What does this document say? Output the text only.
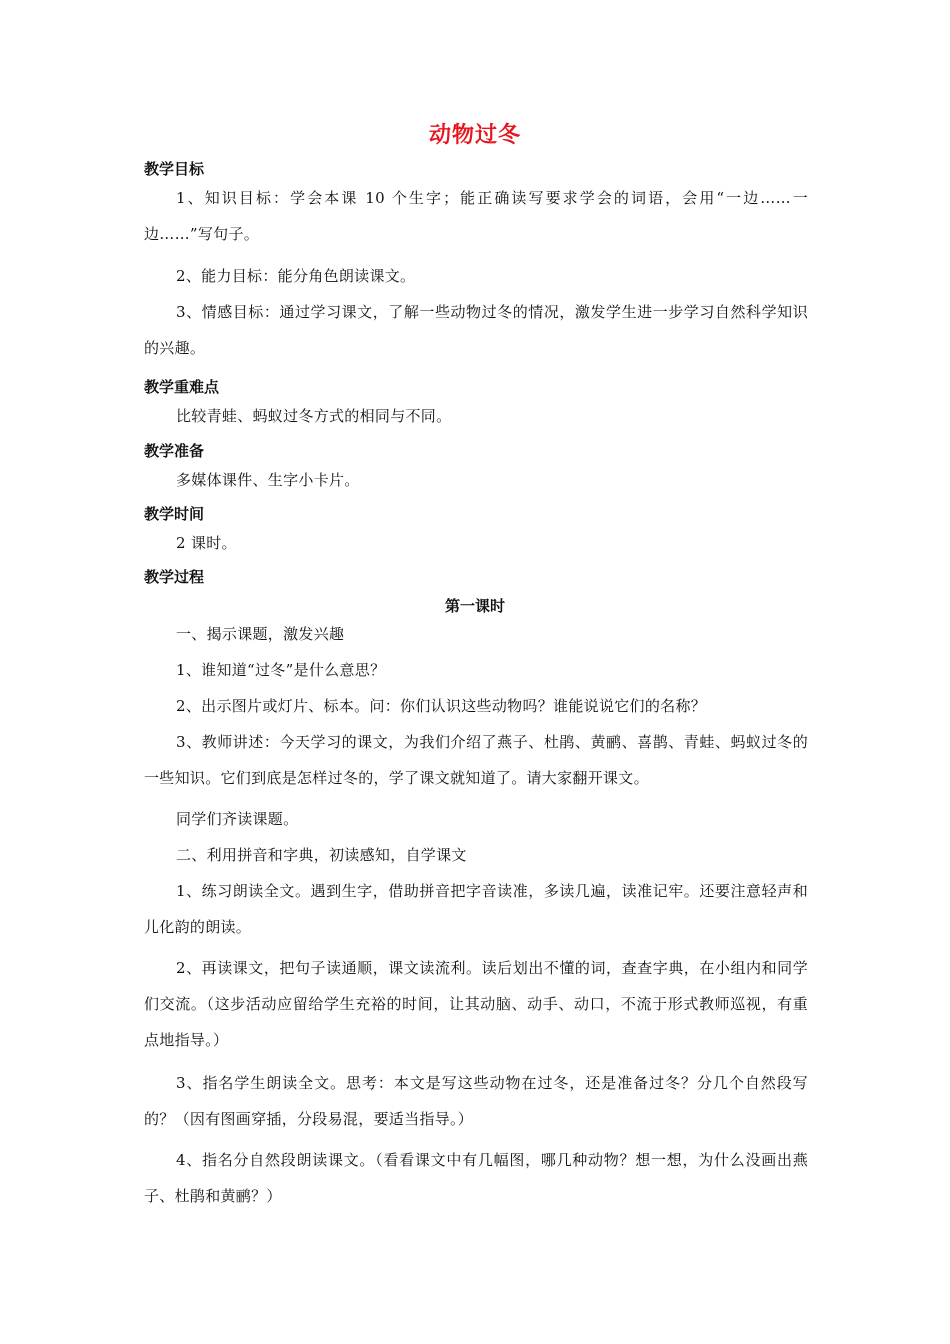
动物过冬
教学目标
1、知识目标：学会本课 10 个生字；能正确读写要求学会的词语，会用“一边……一边……”写句子。
2、能力目标：能分角色朗读课文。
3、情感目标：通过学习课文，了解一些动物过冬的情况，激发学生进一步学习自然科学知识的兴趣。
教学重难点
比较青蛙、蚂蚁过冬方式的相同与不同。
教学准备
多媒体课件、生字小卡片。
教学时间
2 课时。
教学过程
第一课时
一、揭示课题，激发兴趣
1、谁知道“过冬”是什么意思？
2、出示图片或灯片、标本。问：你们认识这些动物吗？谁能说说它们的名称？
3、教师讲述：今天学习的课文，为我们介绍了燕子、杜鹃、黄鹂、喜鹊、青蛙、蚂蚁过冬的一些知识。它们到底是怎样过冬的，学了课文就知道了。请大家翻开课文。
同学们齐读课题。
二、利用拼音和字典，初读感知，自学课文
1、练习朗读全文。遇到生字，借助拼音把字音读准，多读几遍，读准记牢。还要注意轻声和儿化韵的朗读。
2、再读课文，把句子读通顺，课文读流利。读后划出不懂的词，查查字典，在小组内和同学们交流。（这步活动应留给学生充裕的时间，让其动脑、动手、动口，不流于形式教师巡视，有重点地指导。）
3、指名学生朗读全文。思考：本文是写这些动物在过冬，还是准备过冬？分几个自然段写的？（因有图画穿插，分段易混，要适当指导。）
4、指名分自然段朗读课文。（看看课文中有几幅图，哪几种动物？想一想，为什么没画出燕子、杜鹃和黄鹂？）
